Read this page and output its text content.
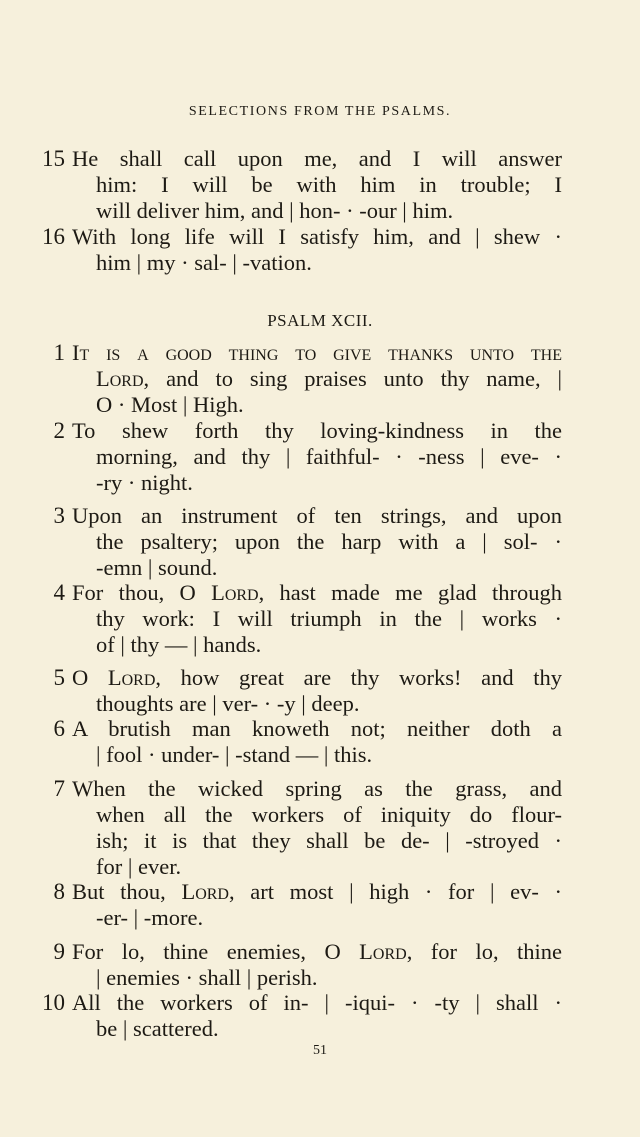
SELECTIONS FROM THE PSALMS.
15 He shall call upon me, and I will answer
him: I will be with him in trouble; I
will deliver him, and | hon- · -our | him.
16 With long life will I satisfy him, and | shew ·
him | my · sal- | -vation.
PSALM XCII.
1 It is a good thing to give thanks unto the
Lord, and to sing praises unto thy name, |
O · Most | High.
2 To shew forth thy loving-kindness in the
morning, and thy | faithful- · -ness | eve- ·
-ry · night.
3 Upon an instrument of ten strings, and upon
the psaltery; upon the harp with a | sol- ·
-emn | sound.
4 For thou, O Lord, hast made me glad through
thy work: I will triumph in the | works ·
of | thy — | hands.
5 O Lord, how great are thy works! and thy
thoughts are | ver- · -y | deep.
6 A brutish man knoweth not; neither doth a
| fool · under- | -stand — | this.
7 When the wicked spring as the grass, and
when all the workers of iniquity do flour-
ish; it is that they shall be de- | -stroyed ·
for | ever.
8 But thou, Lord, art most | high · for | ev- ·
-er- | -more.
9 For lo, thine enemies, O Lord, for lo, thine
| enemies · shall | perish.
10 All the workers of in- | -iqui- · -ty | shall ·
be | scattered.
51
